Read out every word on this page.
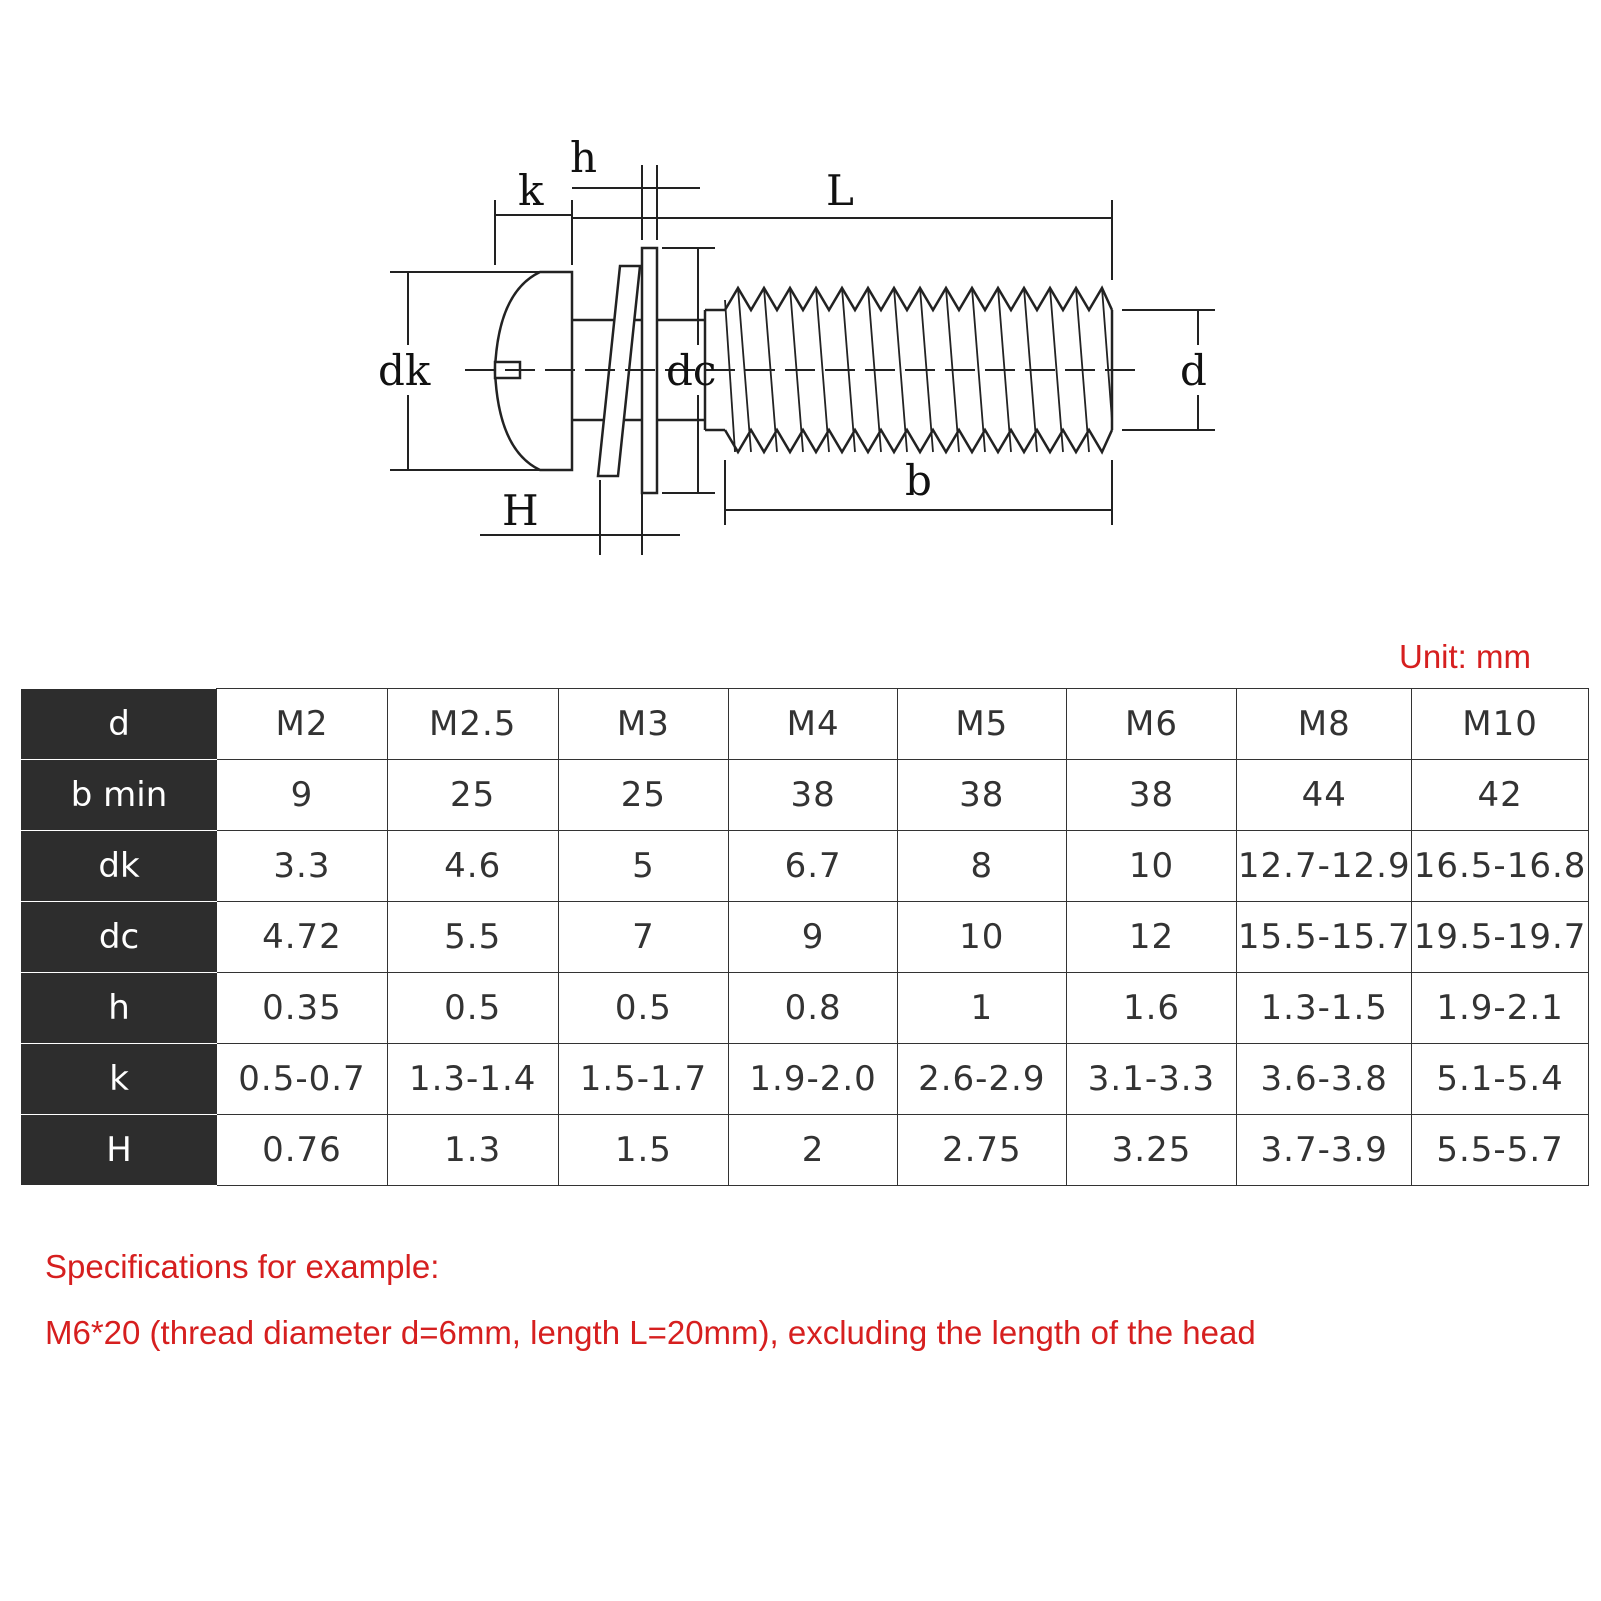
k
h
L
dk	dc	d
b
H
Unit: mm
d	M2	M2.5	M3	M4	M5	M6	M8	M10
b min	9	25	25	38	38	38	44	42
dk	3.3	4.6	5	6.7	8	10	12.7-12.9	16.5-16.8
dc	4.72	5.5	7	9	10	12	15.5-15.7	19.5-19.7
h	0.35	0.5	0.5	0.8	1	1.6	1.3-1.5	1.9-2.1
k	0.5-0.7	1.3-1.4	1.5-1.7	1.9-2.0	2.6-2.9	3.1-3.3	3.6-3.8	5.1-5.4
H	0.76	1.3	1.5	2	2.75	3.25	3.7-3.9	5.5-5.7
Specifications for example:
M6*20 (thread diameter d=6mm, length L=20mm), excluding the length of the head
